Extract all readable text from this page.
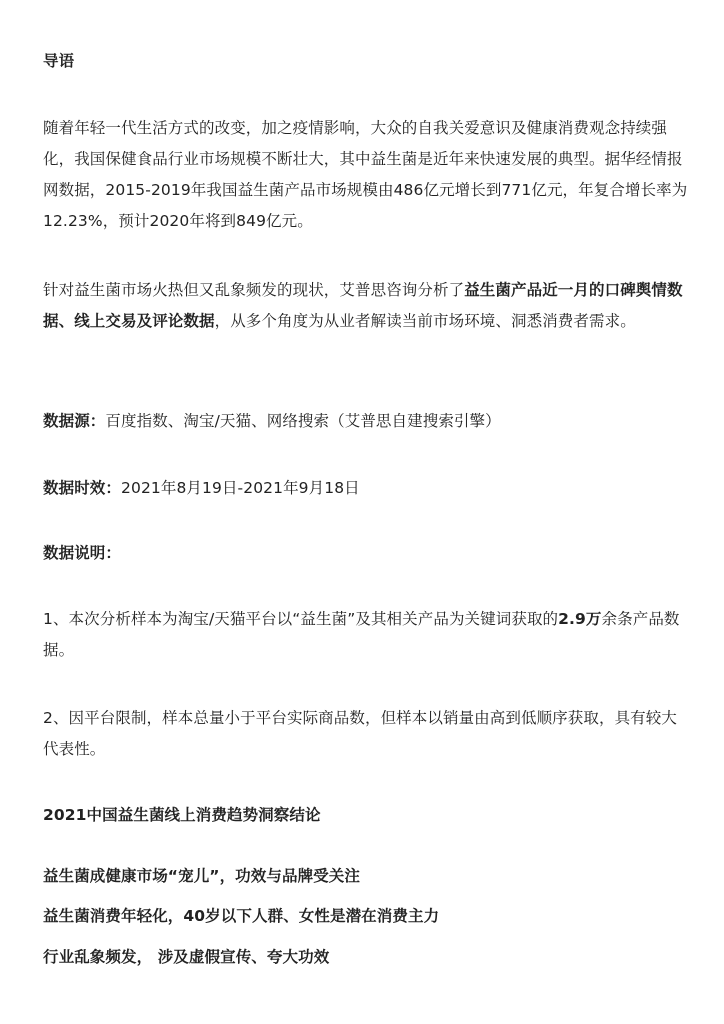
导语
随着年轻一代生活方式的改变，加之疫情影响，大众的自我关爱意识及健康消费观念持续强化，我国保健食品行业市场规模不断壮大，其中益生菌是近年来快速发展的典型。据华经情报网数据，2015-2019年我国益生菌产品市场规模由486亿元增长到771亿元，年复合增长率为12.23%，预计2020年将到849亿元。
针对益生菌市场火热但又乱象频发的现状，艾普思咨询分析了益生菌产品近一月的口碑舆情数据、线上交易及评论数据，从多个角度为从业者解读当前市场环境、洞悉消费者需求。
数据源：百度指数、淘宝/天猫、网络搜索（艾普思自建搜索引擎）
数据时效：2021年8月19日-2021年9月18日
数据说明：
1、本次分析样本为淘宝/天猫平台以“益生菌”及其相关产品为关键词获取的2.9万余条产品数据。
2、因平台限制，样本总量小于平台实际商品数，但样本以销量由高到低顺序获取，具有较大代表性。
2021中国益生菌线上消费趋势洞察结论
益生菌成健康市场“宠儿”，功效与品牌受关注
益生菌消费年轻化，40岁以下人群、女性是潜在消费主力
行业乱象频发， 涉及虚假宣传、夸大功效
